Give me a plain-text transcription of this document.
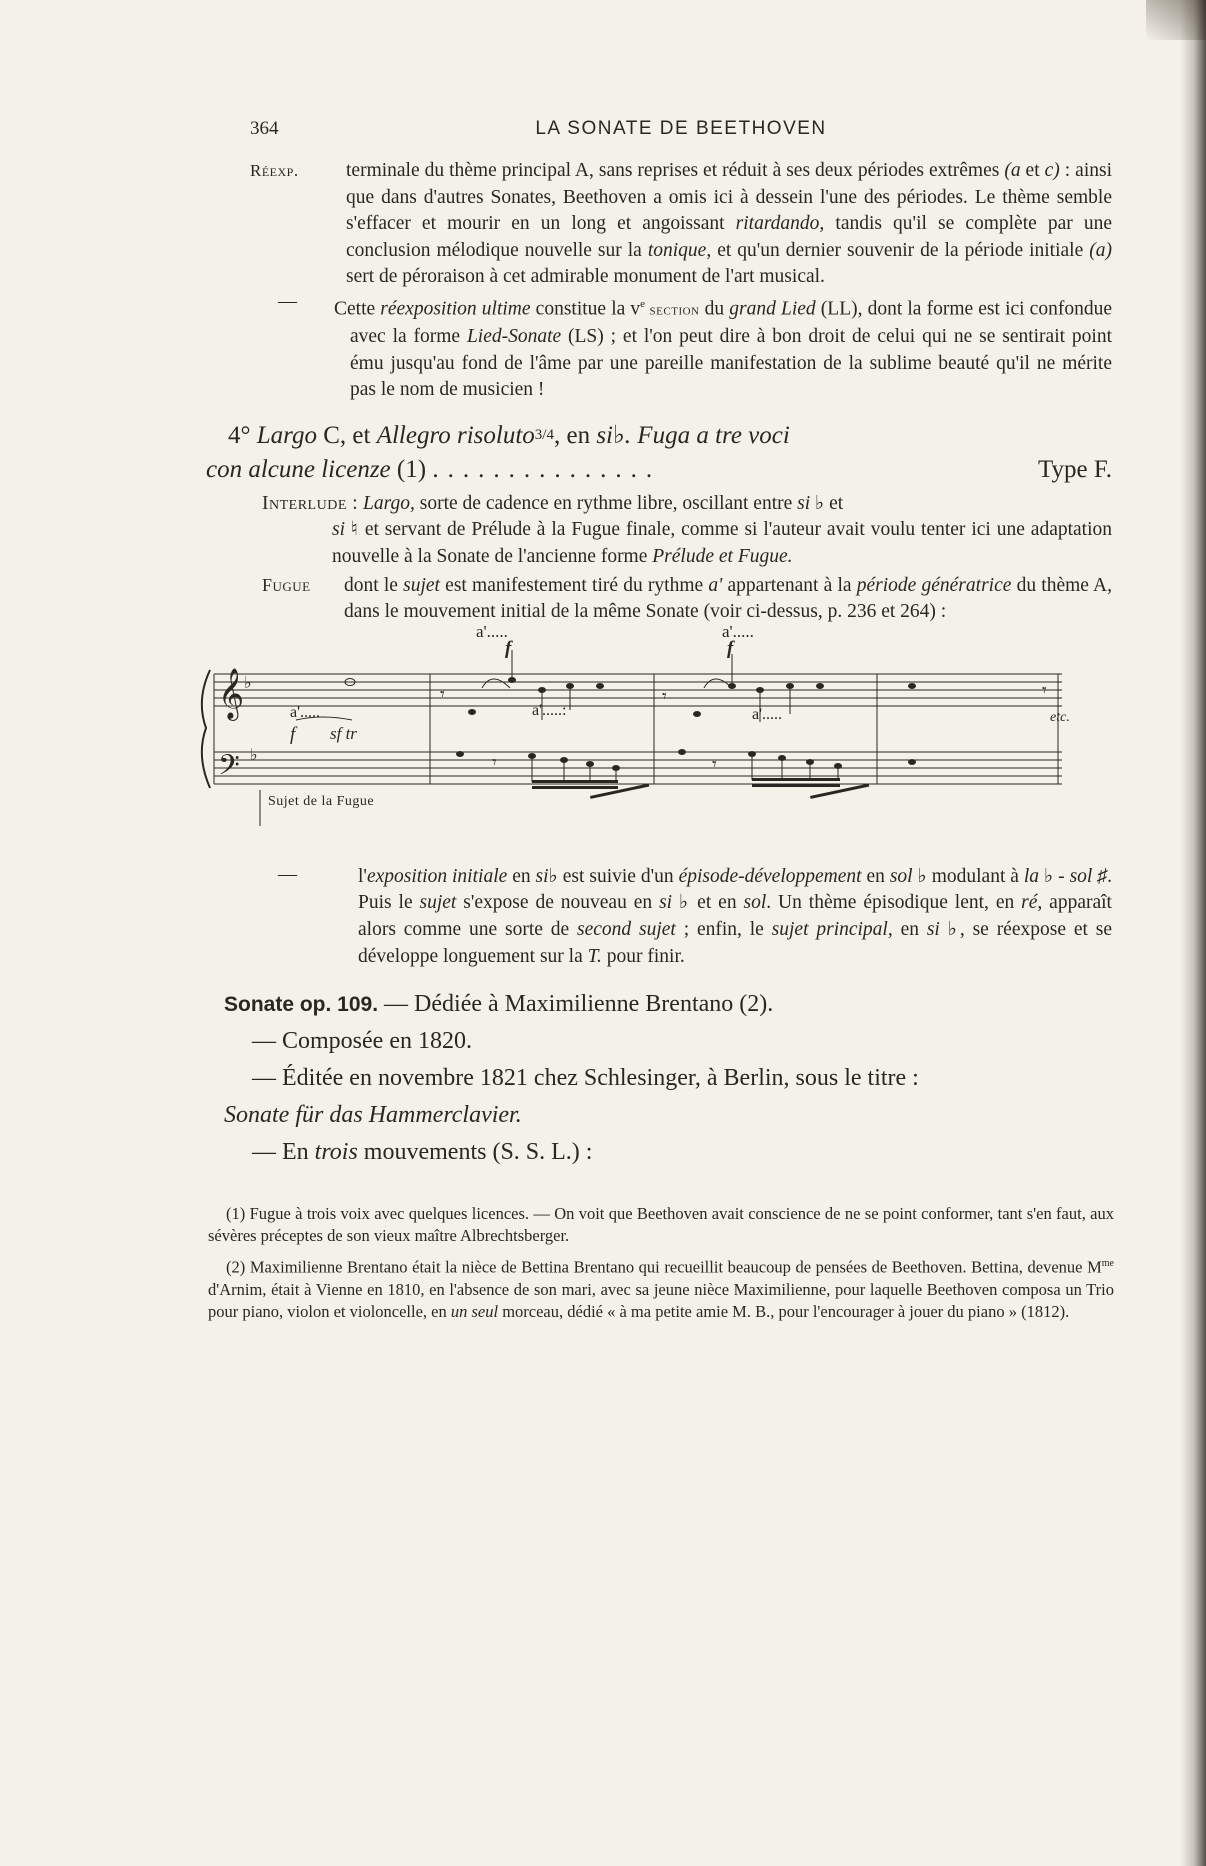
364	LA SONATE DE BEETHOVEN
Réexp.	terminale du thème principal A, sans reprises et réduit à ses deux périodes extrêmes (a et c) : ainsi que dans d'autres Sonates, Beethoven a omis ici à dessein l'une des périodes. Le thème semble s'effacer et mourir en un long et angoissant ritardando, tandis qu'il se complète par une conclusion mélodique nouvelle sur la tonique, et qu'un dernier souvenir de la période initiale (a) sert de péroraison à cet admirable monument de l'art musical.

—	Cette réexposition ultime constitue la $v^e$ section du grand Lied (LL), dont la forme est ici confondue avec la forme Lied-Sonate (LS) ; et l'on peut dire à bon droit de celui qui ne se sentirait point ému jusqu'au fond de l'âme par une pareille manifestation de la sublime beauté qu'il ne mérite pas le nom de musicien !

4° Largo C, et Allegro risoluto3/4, en si♭. Fuga a tre voci
con alcune licenze (1) ...............	Type F.
Interlude : Largo, sorte de cadence en rythme libre, oscillant entre si ♭ et
si ♮ et servant de Prélude à la Fugue finale, comme si l'auteur avait voulu tenter ici une adaptation nouvelle à la Sonate de l'ancienne forme Prélude et Fugue.
Fugue	dont le sujet est manifestement tiré du rythme a' appartenant à la période génératrice du thème A, dans le mouvement initial de la même Sonate (voir ci-dessus, p. 236 et 264) :

𝄞
𝄢
♭
♭
𝄾	𝄾	𝄾
𝄾	𝄾
a'.....	a'.....
f	f
a'.....	a'.....:	a'.....
f sf tr
etc.
Sujet de la Fugue
—	l'exposition initiale en si♭ est suivie d'un épisode-développement en sol ♭ modulant à la ♭ - sol ♯. Puis le sujet s'expose de nouveau en si ♭ et en sol. Un thème épisodique lent, en ré, apparaît alors comme une sorte de second sujet ; enfin, le sujet principal, en si ♭, se réexpose et se développe longuement sur la T. pour finir.

Sonate op. 109. — Dédiée à Maximilienne Brentano (2).
— Composée en 1820.
— Éditée en novembre 1821 chez Schlesinger, à Berlin, sous le titre :
Sonate für das Hammerclavier.
— En trois mouvements (S. S. L.) :
(1) Fugue à trois voix avec quelques licences. — On voit que Beethoven avait conscience de ne se point conformer, tant s'en faut, aux sévères préceptes de son vieux maître Albrechtsberger.
(2) Maximilienne Brentano était la nièce de Bettina Brentano qui recueillit beaucoup de pensées de Beethoven. Bettina, devenue $M^{me}$ d'Arnim, était à Vienne en 1810, en l'absence de son mari, avec sa jeune nièce Maximilienne, pour laquelle Beethoven composa un Trio pour piano, violon et violoncelle, en un seul morceau, dédié « à ma petite amie M. B., pour l'encourager à jouer du piano » (1812).
